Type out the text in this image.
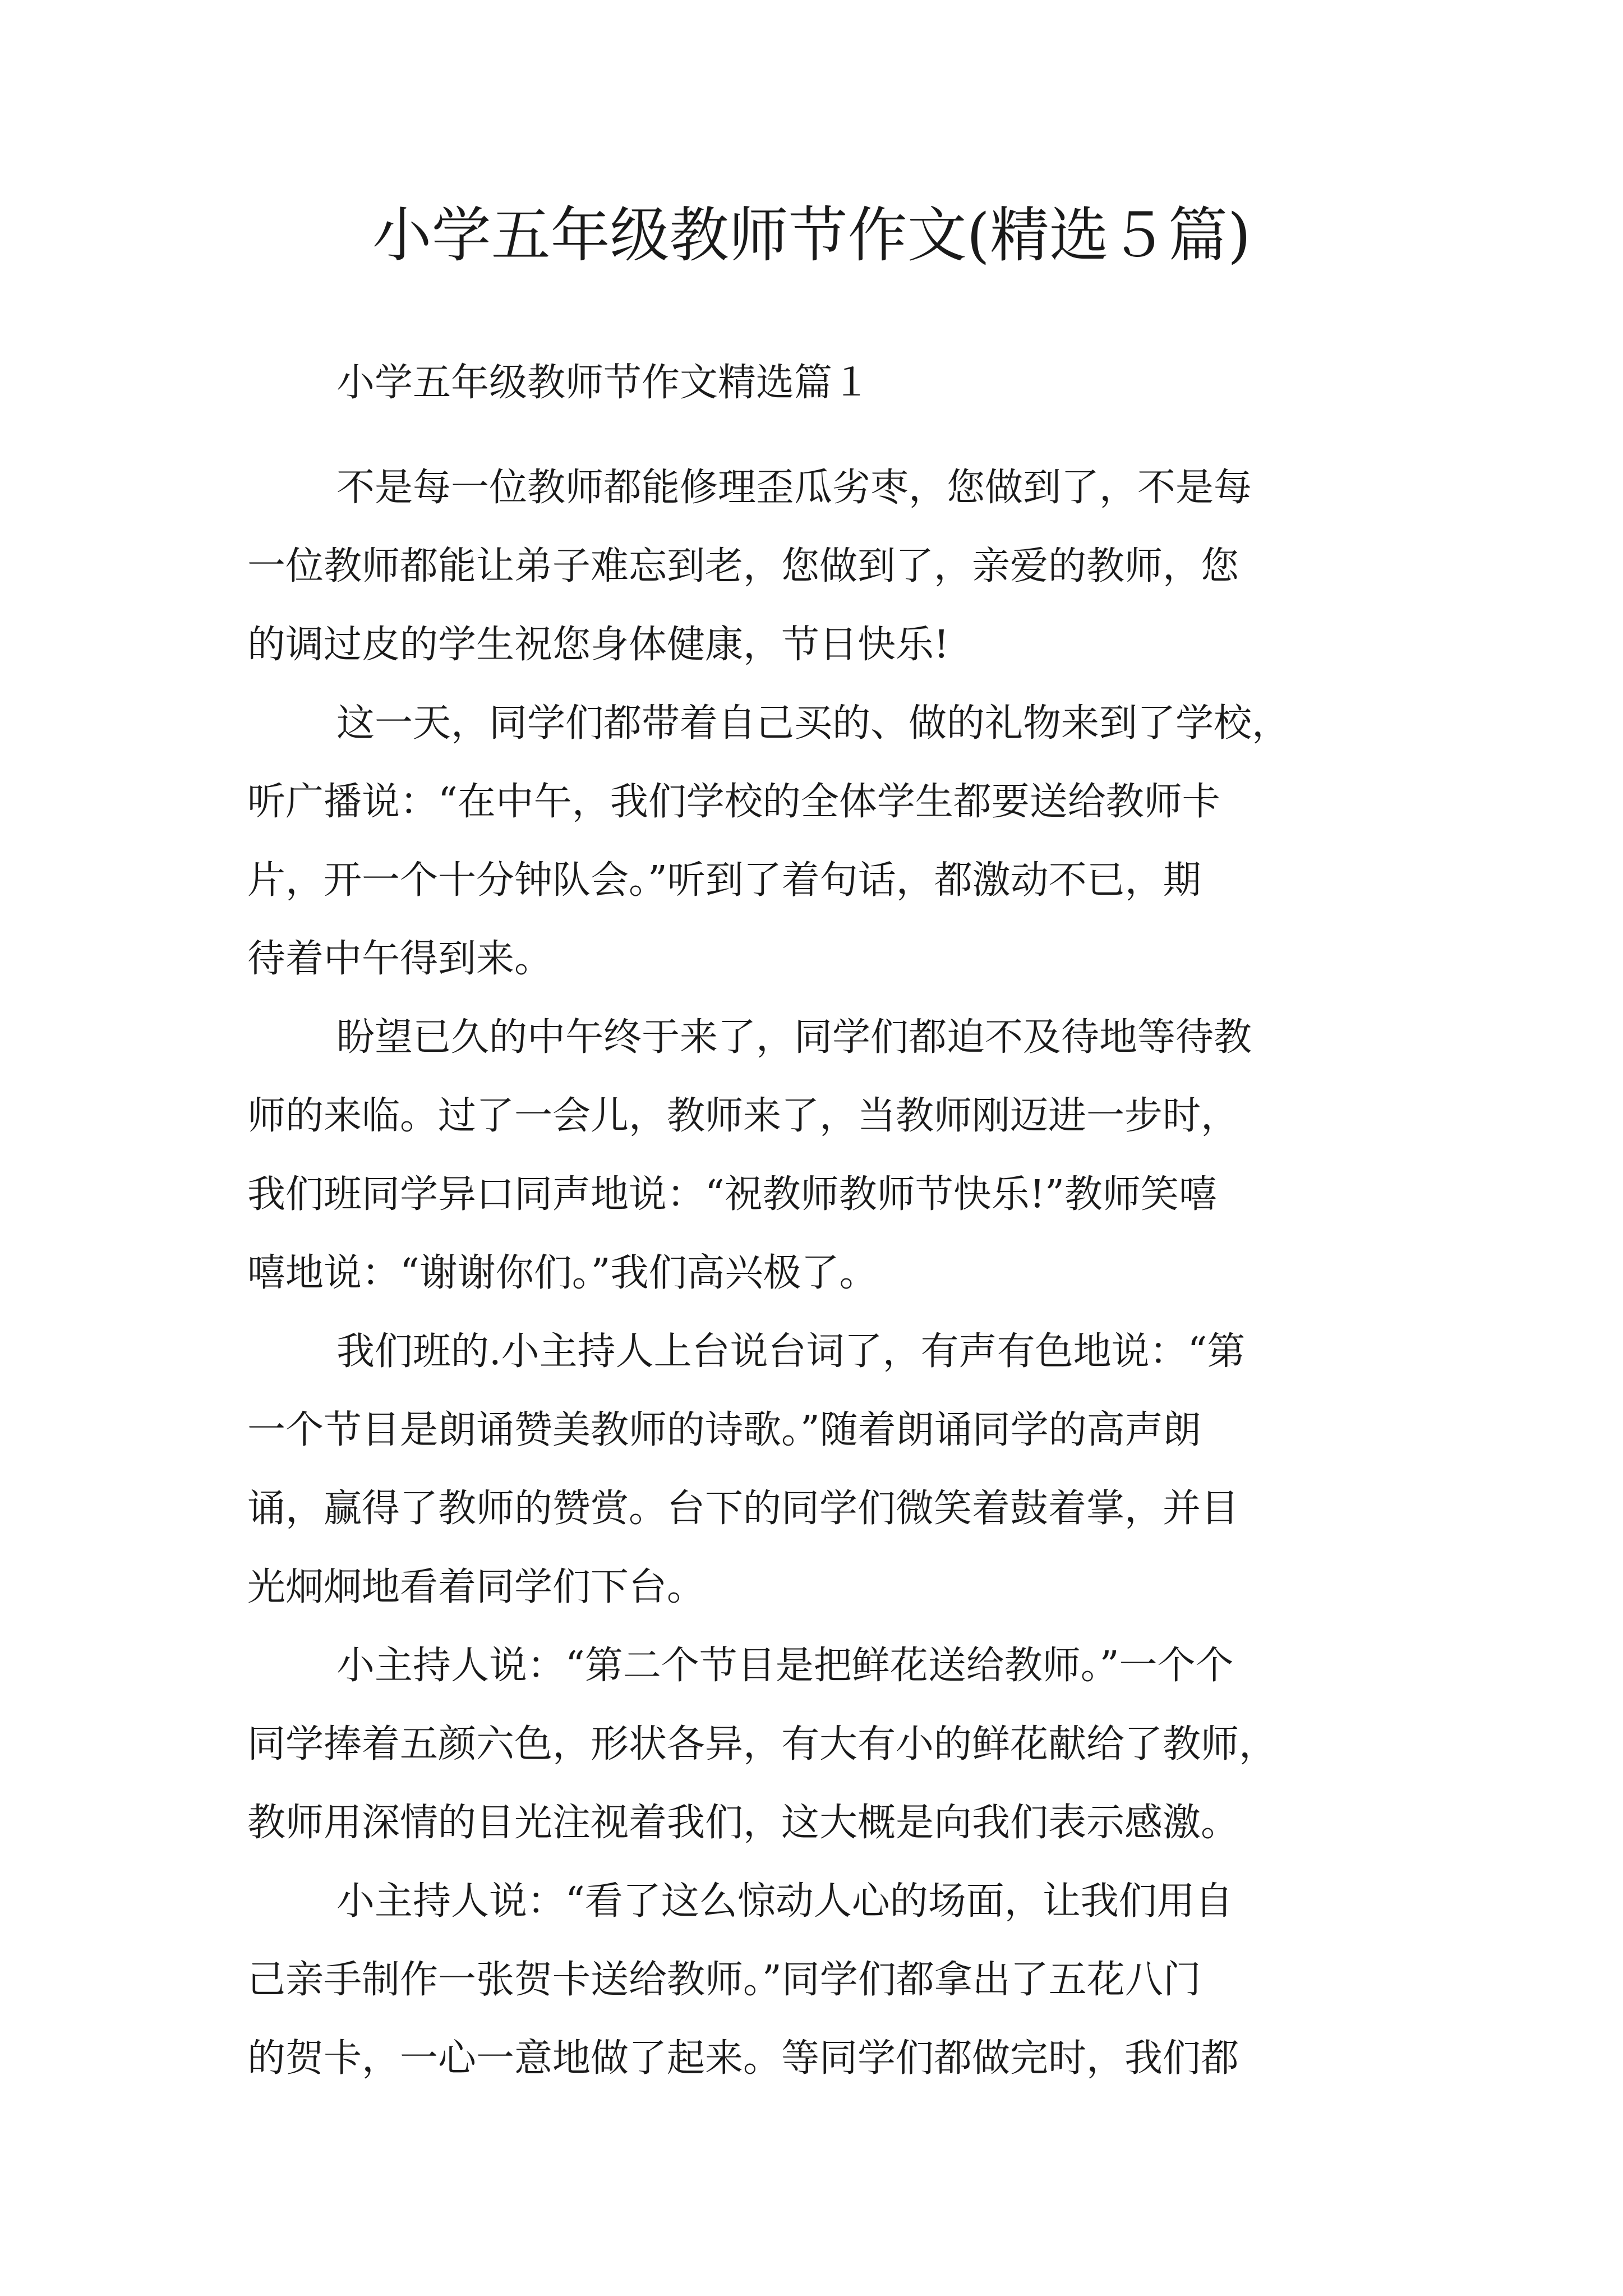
小学五年级教师节作文(精选５篇)

小学五年级教师节作文精选篇１

不是每一位教师都能修理歪瓜劣枣，您做到了，不是每

一位教师都能让弟子难忘到老，您做到了，亲爱的教师，您

的调过皮的学生祝您身体健康，节日快乐!

这一天，同学们都带着自己买的、做的礼物来到了学校，

听广播说：“在中午，我们学校的全体学生都要送给教师卡

片，开一个十分钟队会。”听到了着句话，都激动不已，期

待着中午得到来。

盼望已久的中午终于来了，同学们都迫不及待地等待教

师的来临。过了一会儿，教师来了，当教师刚迈进一步时，

我们班同学异口同声地说：“祝教师教师节快乐!”教师笑嘻

嘻地说：“谢谢你们。”我们高兴极了。

我们班的.小主持人上台说台词了，有声有色地说：“第

一个节目是朗诵赞美教师的诗歌。”随着朗诵同学的高声朗

诵，赢得了教师的赞赏。台下的同学们微笑着鼓着掌，并目

光炯炯地看着同学们下台。

小主持人说：“第二个节目是把鲜花送给教师。”一个个

同学捧着五颜六色，形状各异，有大有小的鲜花献给了教师，

教师用深情的目光注视着我们，这大概是向我们表示感激。

小主持人说：“看了这么惊动人心的场面，让我们用自

己亲手制作一张贺卡送给教师。”同学们都拿出了五花八门

的贺卡，一心一意地做了起来。等同学们都做完时，我们都
